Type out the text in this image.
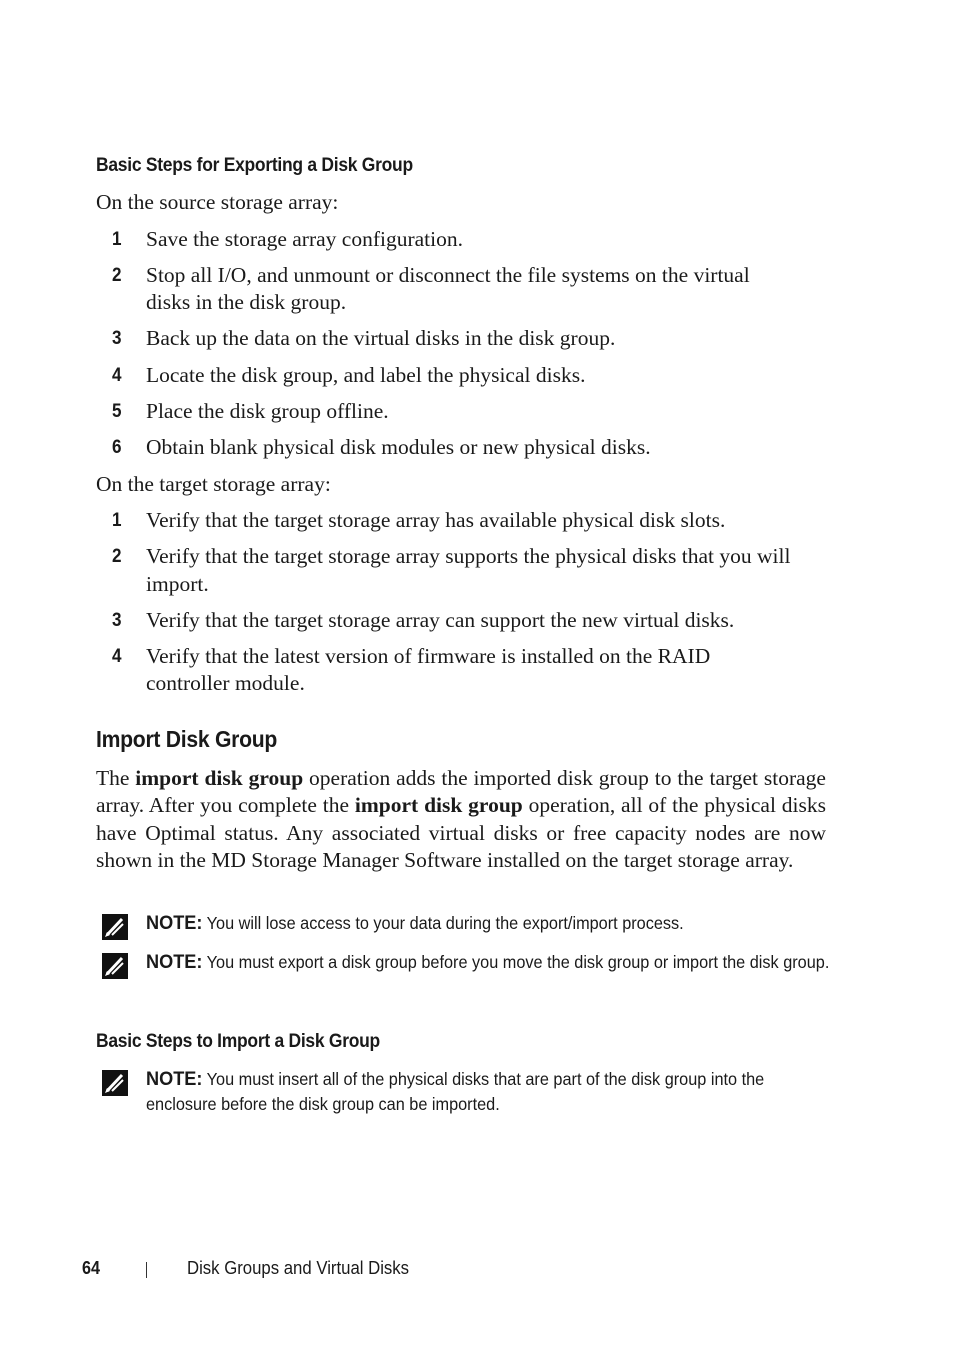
Basic Steps for Exporting a Disk Group
On the source storage array:
1 Save the storage array configuration.
2 Stop all I/O, and unmount or disconnect the file systems on the virtual
disks in the disk group.
3 Back up the data on the virtual disks in the disk group.
4 Locate the disk group, and label the physical disks.
5 Place the disk group offline.
6 Obtain blank physical disk modules or new physical disks.
On the target storage array:
1 Verify that the target storage array has available physical disk slots.
2 Verify that the target storage array supports the physical disks that you will
import.
3 Verify that the target storage array can support the new virtual disks.
4 Verify that the latest version of firmware is installed on the RAID
controller module.
Import Disk Group
The import disk group operation adds the imported disk group to the target storage array. After you complete the import disk group operation, all of the physical disks have Optimal status. Any associated virtual disks or free capacity nodes are now shown in the MD Storage Manager Software installed on the target storage array.
NOTE: You will lose access to your data during the export/import process.
NOTE: You must export a disk group before you move the disk group or import the disk group.
Basic Steps to Import a Disk Group
NOTE: You must insert all of the physical disks that are part of the disk group into the enclosure before the disk group can be imported.
64	Disk Groups and Virtual Disks
